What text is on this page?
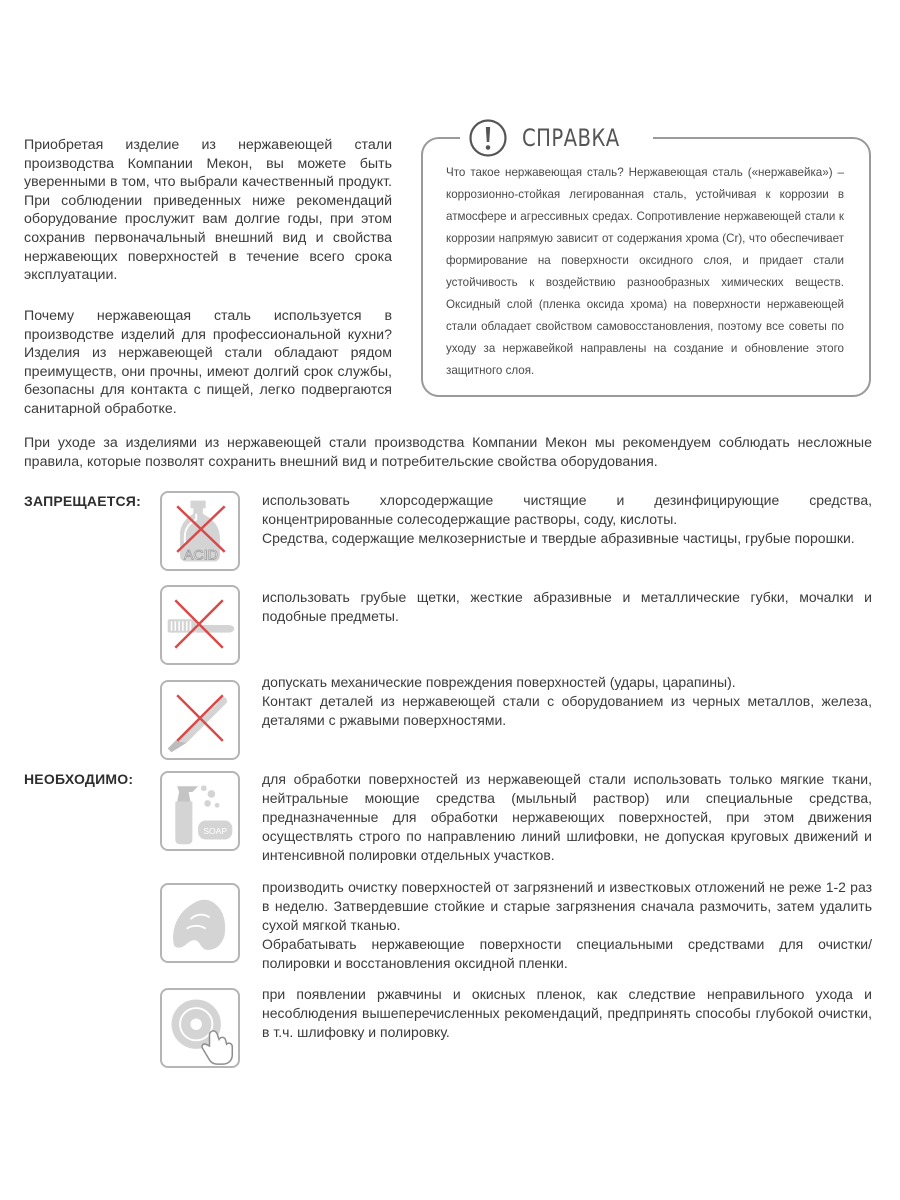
Приобретая изделие из нержавеющей стали производства Компании Мекон, вы можете быть уверенными в том, что выбрали качественный продукт. При соблюдении приведенных ниже рекомендаций оборудование прослужит вам долгие годы, при этом сохранив первоначальный внешний вид и свойства нержавеющих поверхностей в течение всего срока эксплуатации.
Почему нержавеющая сталь используется в производстве изделий для профессиональной кухни? Изделия из нержавеющей стали обладают рядом преимуществ, они прочны, имеют долгий срок службы, безопасны для контакта с пищей, легко подвергаются санитарной обработке.
СПРАВКА
Что такое нержавеющая сталь? Нержавеющая сталь («нержавейка») – коррозионно-стойкая легированная сталь, устойчивая к коррозии в атмосфере и агрессивных средах. Сопротивление нержавеющей стали к коррозии напрямую зависит от содержания хрома (Cr), что обеспечивает формирование на поверхности оксидного слоя, и придает стали устойчивость к воздействию разнообразных химических веществ. Оксидный слой (пленка оксида хрома) на поверхности нержавеющей стали обладает свойством самовосстановления, поэтому все советы по уходу за нержавейкой направлены на создание и обновление этого защитного слоя.
При уходе за изделиями из нержавеющей стали производства Компании Мекон мы рекомендуем соблюдать несложные правила, которые позволят сохранить внешний вид и потребительские свойства оборудования.
ЗАПРЕЩАЕТСЯ:
ACID

использовать хлорсодержащие чистящие и дезинфицирующие средства, концентрированные солесодержащие растворы, соду, кислоты.

Средства, содержащие мелкозернистые и твердые абразивные частицы, грубые порошки.

использовать грубые щетки, жесткие абразивные и металлические губки, мочалки и подобные предметы.

допускать механические повреждения поверхностей (удары, царапины).

Контакт деталей из нержавеющей стали с оборудованием из черных металлов, железа, деталями с ржавыми поверхностями.

НЕОБХОДИМО:
SOAP

для обработки поверхностей из нержавеющей стали использовать только мягкие ткани, нейтральные моющие средства (мыльный раствор) или специальные средства, предназначенные для обработки нержавеющих поверхностей, при этом движения осуществлять строго по направлению линий шлифовки, не допуская круговых движений и интенсивной полировки отдельных участков.

производить очистку поверхностей от загрязнений и известковых отложений не реже 1-2 раз в неделю. Затвердевшие стойкие и старые загрязнения сначала размочить, затем удалить сухой мягкой тканью.

Обрабатывать нержавеющие поверхности специальными средствами для очистки/полировки и восстановления оксидной пленки.

при появлении ржавчины и окисных пленок, как следствие неправильного ухода и несоблюдения вышеперечисленных рекомендаций, предпринять способы глубокой очистки, в т.ч. шлифовку и полировку.
